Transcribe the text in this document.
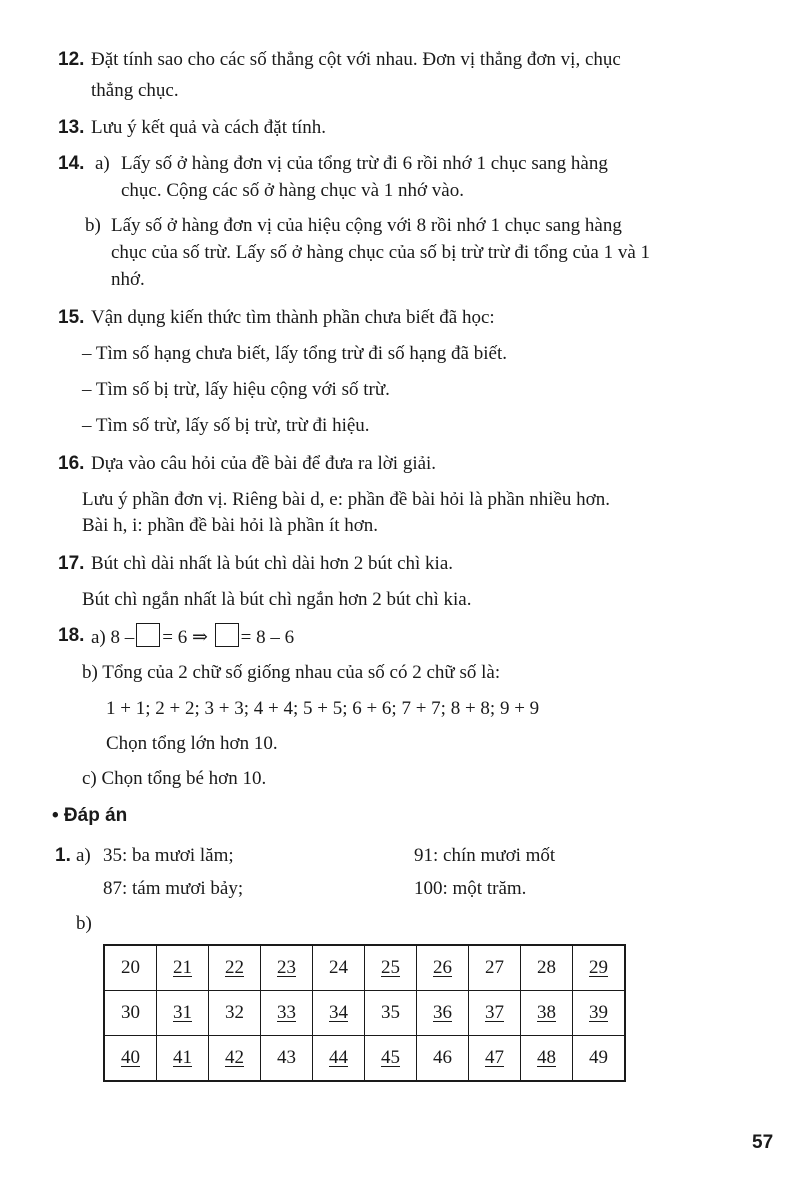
12. Đặt tính sao cho các số thẳng cột với nhau. Đơn vị thẳng đơn vị, chục
thẳng chục.
13. Lưu ý kết quả và cách đặt tính.
14. a) Lấy số ở hàng đơn vị của tổng trừ đi 6 rồi nhớ 1 chục sang hàng
chục. Cộng các số ở hàng chục và 1 nhớ vào.
b) Lấy số ở hàng đơn vị của hiệu cộng với 8 rồi nhớ 1 chục sang hàng
chục của số trừ. Lấy số ở hàng chục của số bị trừ trừ đi tổng của 1 và 1
nhớ.
15. Vận dụng kiến thức tìm thành phần chưa biết đã học:
– Tìm số hạng chưa biết, lấy tổng trừ đi số hạng đã biết.
– Tìm số bị trừ, lấy hiệu cộng với số trừ.
– Tìm số trừ, lấy số bị trừ, trừ đi hiệu.
16. Dựa vào câu hỏi của đề bài để đưa ra lời giải.
Lưu ý phần đơn vị. Riêng bài d, e: phần đề bài hỏi là phần nhiều hơn.
Bài h, i: phần đề bài hỏi là phần ít hơn.
17. Bút chì dài nhất là bút chì dài hơn 2 bút chì kia.
Bút chì ngắn nhất là bút chì ngắn hơn 2 bút chì kia.
18. a) 8 – = 6 ⇒ = 8 – 6
b) Tổng của 2 chữ số giống nhau của số có 2 chữ số là:
1 + 1; 2 + 2; 3 + 3; 4 + 4; 5 + 5; 6 + 6; 7 + 7; 8 + 8; 9 + 9
Chọn tổng lớn hơn 10.
c) Chọn tổng bé hơn 10.
• Đáp án
1. a) 35: ba mươi lăm;	91: chín mươi mốt
87: tám mươi bảy;	100: một trăm.
b)
20	21	22	23	24	25	26	27	28	29
30	31	32	33	34	35	36	37	38	39
40	41	42	43	44	45	46	47	48	49
57
